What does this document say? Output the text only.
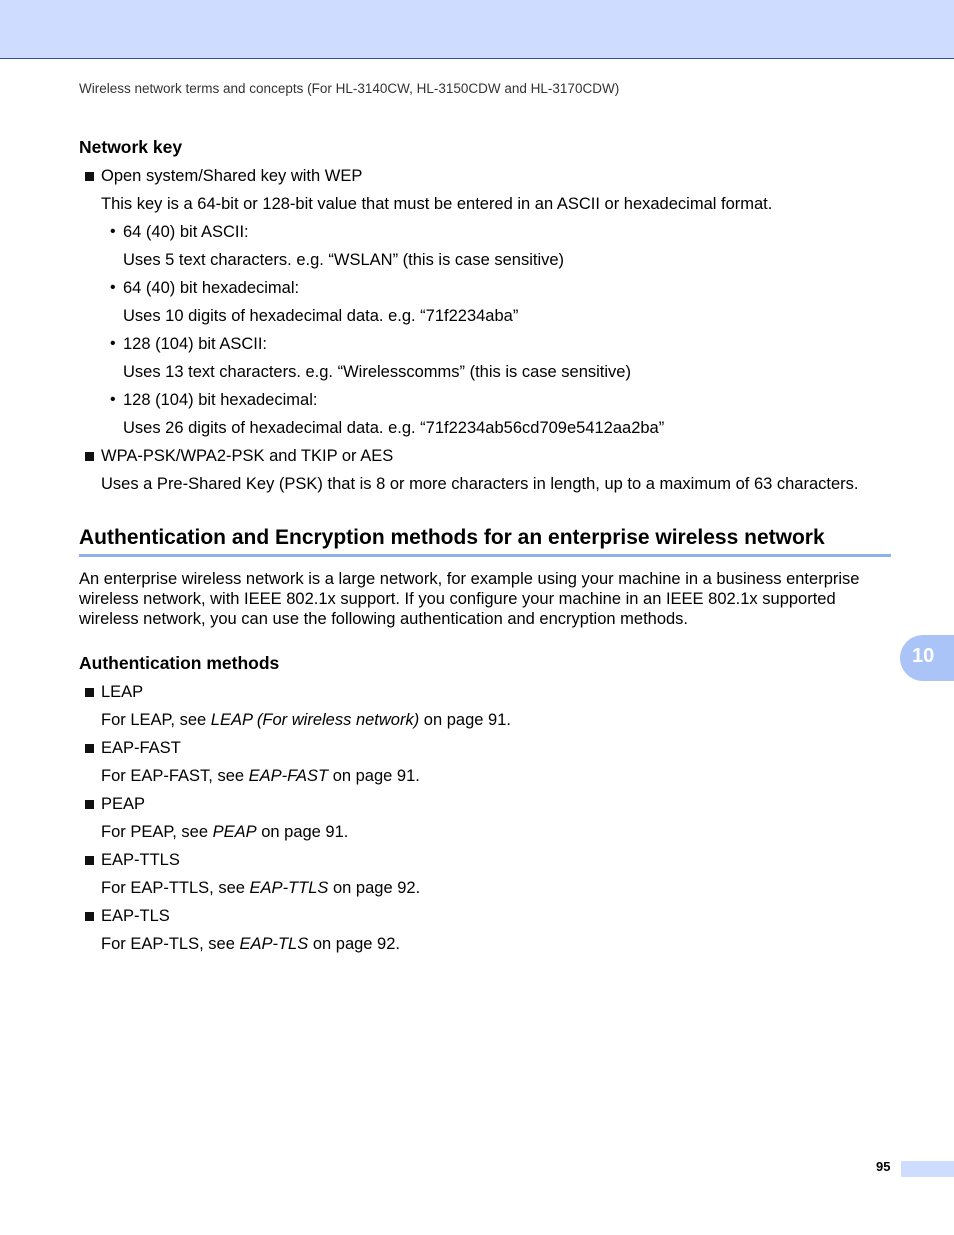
Wireless network terms and concepts (For HL-3140CW, HL-3150CDW and HL-3170CDW)
Network key
Open system/Shared key with WEP
This key is a 64-bit or 128-bit value that must be entered in an ASCII or hexadecimal format.
• 64 (40) bit ASCII:
Uses 5 text characters. e.g. “WSLAN” (this is case sensitive)
• 64 (40) bit hexadecimal:
Uses 10 digits of hexadecimal data. e.g. “71f2234aba”
• 128 (104) bit ASCII:
Uses 13 text characters. e.g. “Wirelesscomms” (this is case sensitive)
• 128 (104) bit hexadecimal:
Uses 26 digits of hexadecimal data. e.g. “71f2234ab56cd709e5412aa2ba”
WPA-PSK/WPA2-PSK and TKIP or AES
Uses a Pre-Shared Key (PSK) that is 8 or more characters in length, up to a maximum of 63 characters.
Authentication and Encryption methods for an enterprise wireless network
An enterprise wireless network is a large network, for example using your machine in a business enterprise
wireless network, with IEEE 802.1x support. If you configure your machine in an IEEE 802.1x supported
wireless network, you can use the following authentication and encryption methods.
Authentication methods
LEAP
For LEAP, see LEAP (For wireless network) on page 91.
EAP-FAST
For EAP-FAST, see EAP-FAST on page 91.
PEAP
For PEAP, see PEAP on page 91.
EAP-TTLS
For EAP-TTLS, see EAP-TTLS on page 92.
EAP-TLS
For EAP-TLS, see EAP-TLS on page 92.
10
95
